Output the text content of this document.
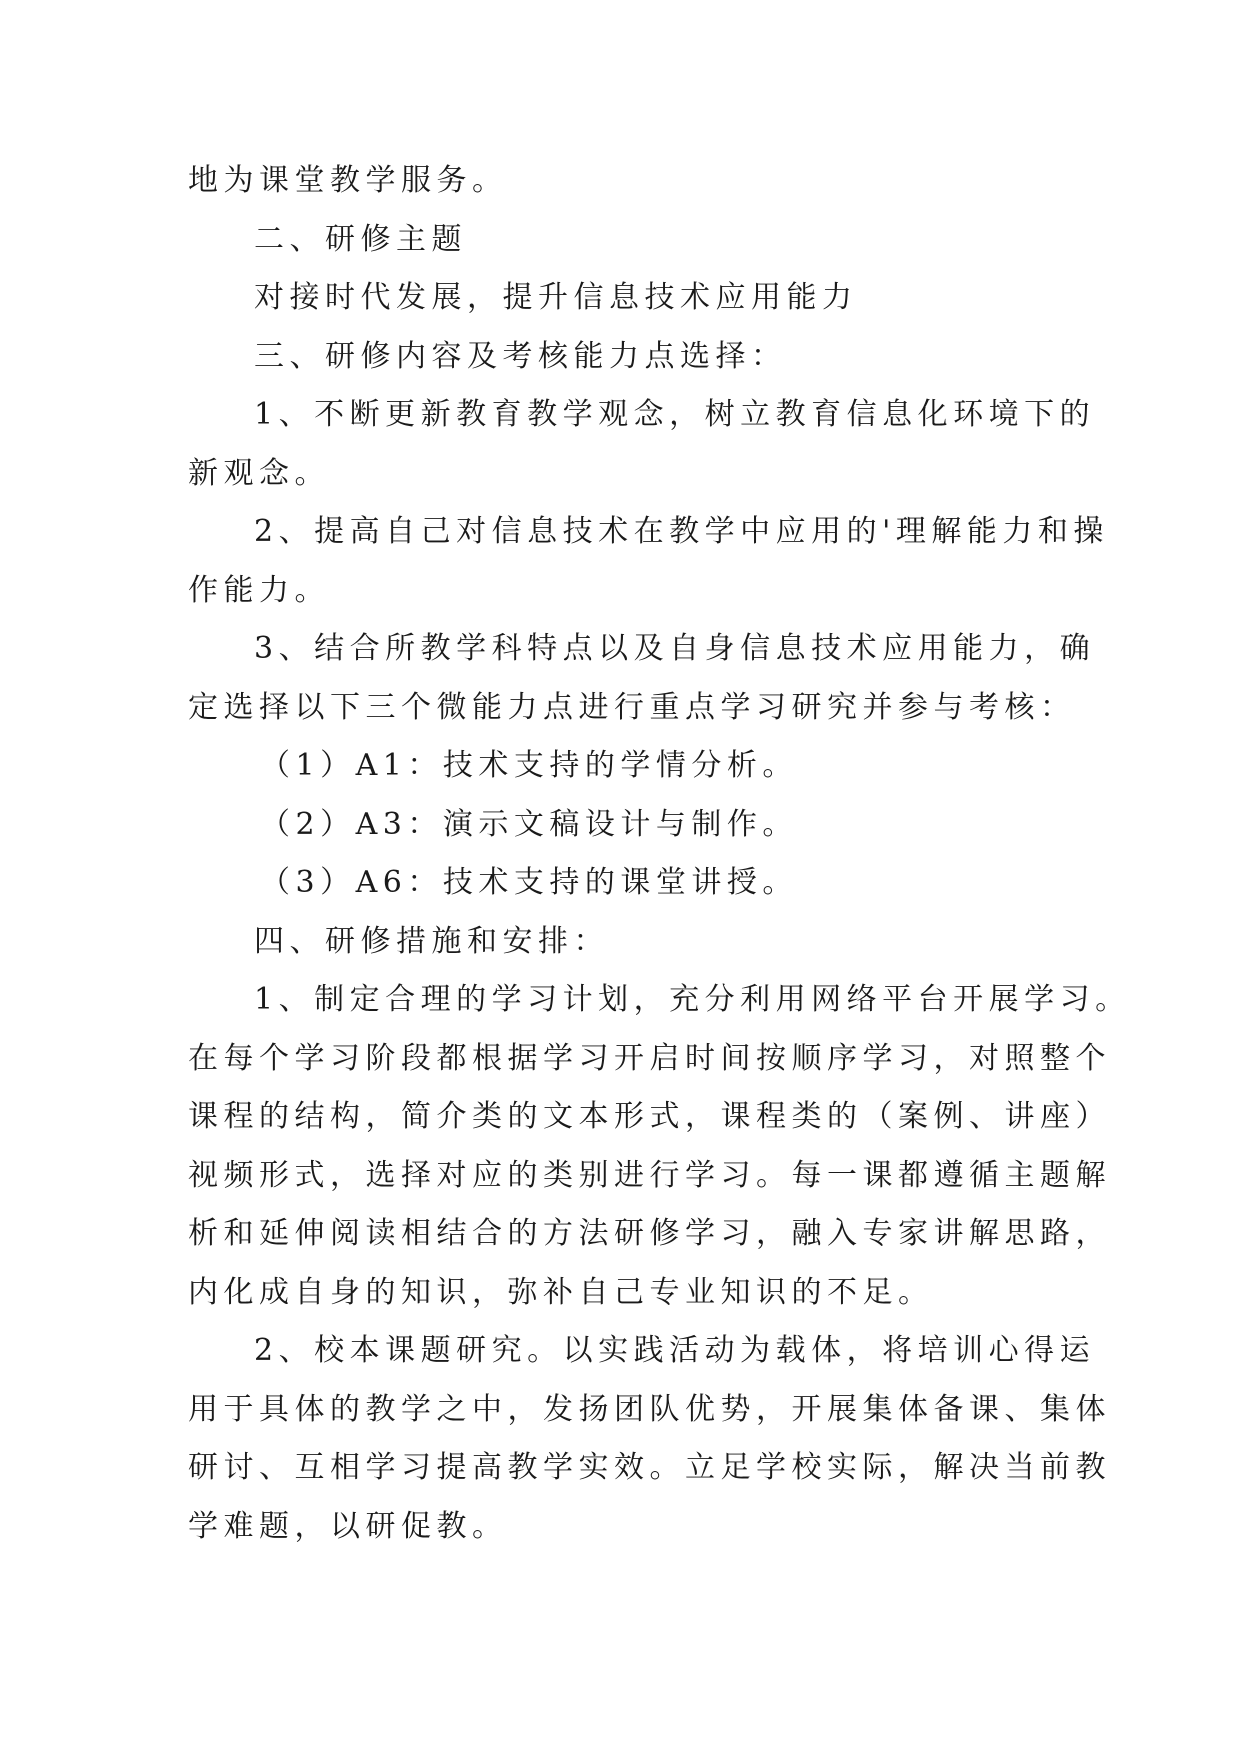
地为课堂教学服务。
二、研修主题
对接时代发展，提升信息技术应用能力
三、研修内容及考核能力点选择：
1、不断更新教育教学观念，树立教育信息化环境下的
新观念。
2、提高自己对信息技术在教学中应用的'理解能力和操
作能力。
3、结合所教学科特点以及自身信息技术应用能力，确
定选择以下三个微能力点进行重点学习研究并参与考核：
（1）A1：技术支持的学情分析。
（2）A3：演示文稿设计与制作。
（3）A6：技术支持的课堂讲授。
四、研修措施和安排：
1、制定合理的学习计划，充分利用网络平台开展学习。
在每个学习阶段都根据学习开启时间按顺序学习，对照整个
课程的结构，简介类的文本形式，课程类的（案例、讲座）
视频形式，选择对应的类别进行学习。每一课都遵循主题解
析和延伸阅读相结合的方法研修学习，融入专家讲解思路，
内化成自身的知识，弥补自己专业知识的不足。
2、校本课题研究。以实践活动为载体，将培训心得运
用于具体的教学之中，发扬团队优势，开展集体备课、集体
研讨、互相学习提高教学实效。立足学校实际，解决当前教
学难题，以研促教。
